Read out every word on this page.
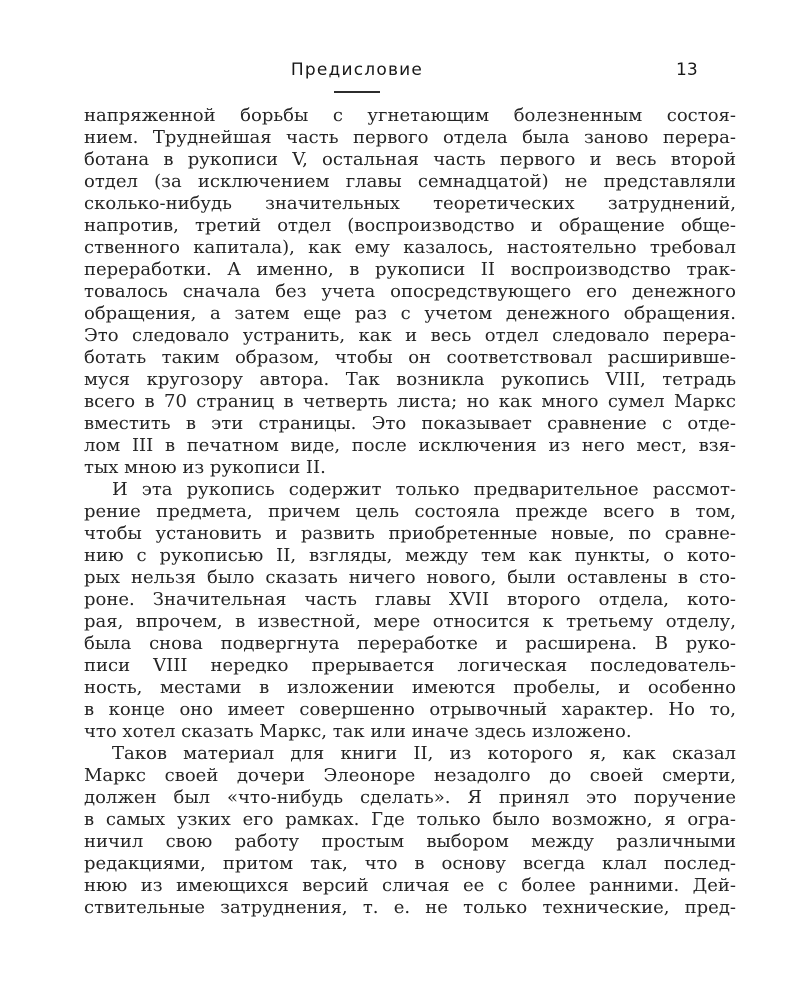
Предисловие	13
напряженной борьбы с угнетающим болезненным состоя-
нием. Труднейшая часть первого отдела была заново перера-
ботана в рукописи V, остальная часть первого и весь второй
отдел (за исключением главы семнадцатой) не представляли
сколько-нибудь значительных теоретических затруднений,
напротив, третий отдел (воспроизводство и обращение обще-
ственного капитала), как ему казалось, настоятельно требовал
переработки. А именно, в рукописи II воспроизводство трак-
товалось сначала без учета опосредствующего его денежного
обращения, а затем еще раз с учетом денежного обращения.
Это следовало устранить, как и весь отдел следовало перера-
ботать таким образом, чтобы он соответствовал расширивше-
муся кругозору автора. Так возникла рукопись VIII, тетрадь
всего в 70 страниц в четверть листа; но как много сумел Маркс
вместить в эти страницы. Это показывает сравнение с отде-
лом III в печатном виде, после исключения из него мест, взя-
тых мною из рукописи II.
И эта рукопись содержит только предварительное рассмот-
рение предмета, причем цель состояла прежде всего в том,
чтобы установить и развить приобретенные новые, по сравне-
нию с рукописью II, взгляды, между тем как пункты, о кото-
рых нельзя было сказать ничего нового, были оставлены в сто-
роне. Значительная часть главы XVII второго отдела, кото-
рая, впрочем, в известной, мере относится к третьему отделу,
была снова подвергнута переработке и расширена. В руко-
писи VIII нередко прерывается логическая последователь-
ность, местами в изложении имеются пробелы, и особенно
в конце оно имеет совершенно отрывочный характер. Но то,
что хотел сказать Маркс, так или иначе здесь изложено.
Таков материал для книги II, из которого я, как сказал
Маркс своей дочери Элеоноре незадолго до своей смерти,
должен был «что-нибудь сделать». Я принял это поручение
в самых узких его рамках. Где только было возможно, я огра-
ничил свою работу простым выбором между различными
редакциями, притом так, что в основу всегда клал послед-
нюю из имеющихся версий сличая ее с более ранними. Дей-
ствительные затруднения, т. е. не только технические, пред-
